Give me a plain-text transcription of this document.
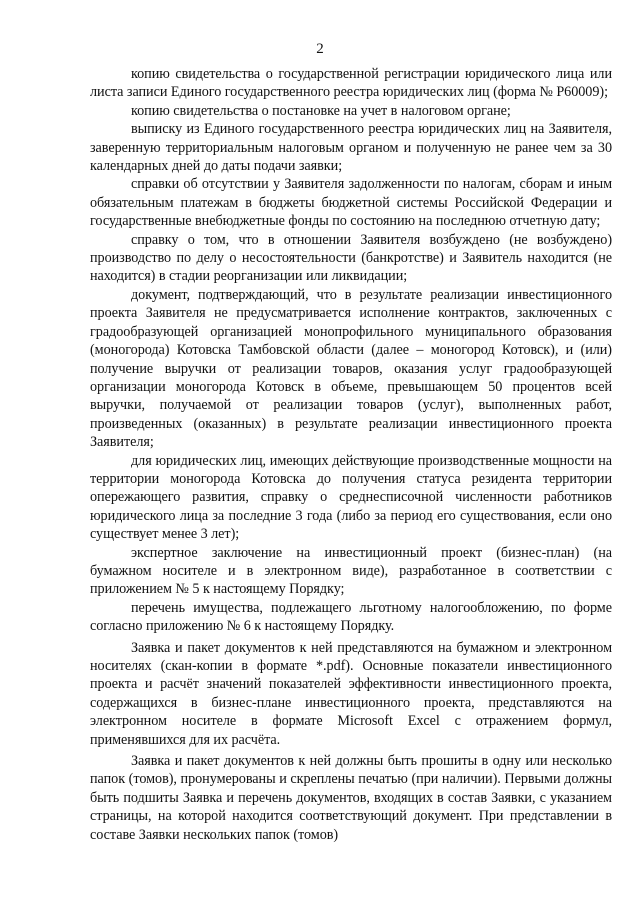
2

копию свидетельства о государственной регистрации юридического лица или листа записи Единого государственного реестра юридических лиц (форма № Р60009);

копию свидетельства о постановке на учет в налоговом органе;

выписку из Единого государственного реестра юридических лиц на Заявителя, заверенную территориальным налоговым органом и полученную не ранее чем за 30 календарных дней до даты подачи заявки;

справки об отсутствии у Заявителя задолженности по налогам, сборам и иным обязательным платежам в бюджеты бюджетной системы Российской Федерации и государственные внебюджетные фонды по состоянию на последнюю отчетную дату;

справку о том, что в отношении Заявителя возбуждено (не возбуждено) производство по делу о несостоятельности (банкротстве) и Заявитель находится (не находится) в стадии реорганизации или ликвидации;

документ, подтверждающий, что в результате реализации инвестиционного проекта Заявителя не предусматривается исполнение контрактов, заключенных с градообразующей организацией монопрофильного муниципального образования (моногорода) Котовска Тамбовской области (далее – моногород Котовск), и (или) получение выручки от реализации товаров, оказания услуг градообразующей организации моногорода Котовск в объеме, превышающем 50 процентов всей выручки, получаемой от реализации товаров (услуг), выполненных работ, произведенных (оказанных) в результате реализации инвестиционного проекта Заявителя;

для юридических лиц, имеющих действующие производственные мощности на территории моногорода Котовска до получения статуса резидента территории опережающего развития, справку о среднесписочной численности работников юридического лица за последние 3 года (либо за период его существования, если оно существует менее 3 лет);

экспертное заключение на инвестиционный проект (бизнес-план) (на бумажном носителе и в электронном виде), разработанное в соответствии с приложением № 5 к настоящему Порядку;

перечень имущества, подлежащего льготному налогообложению, по форме согласно приложению № 6 к настоящему Порядку.

Заявка и пакет документов к ней представляются на бумажном и электронном носителях (скан-копии в формате *.pdf). Основные показатели инвестиционного проекта и расчёт значений показателей эффективности инвестиционного проекта, содержащихся в бизнес-плане инвестиционного проекта, представляются на электронном носителе в формате Microsoft Excel с отражением формул, применявшихся для их расчёта.

Заявка и пакет документов к ней должны быть прошиты в одну или несколько папок (томов), пронумерованы и скреплены печатью (при наличии). Первыми должны быть подшиты Заявка и перечень документов, входящих в состав Заявки, с указанием страницы, на которой находится соответствующий документ. При представлении в составе Заявки нескольких папок (томов)
